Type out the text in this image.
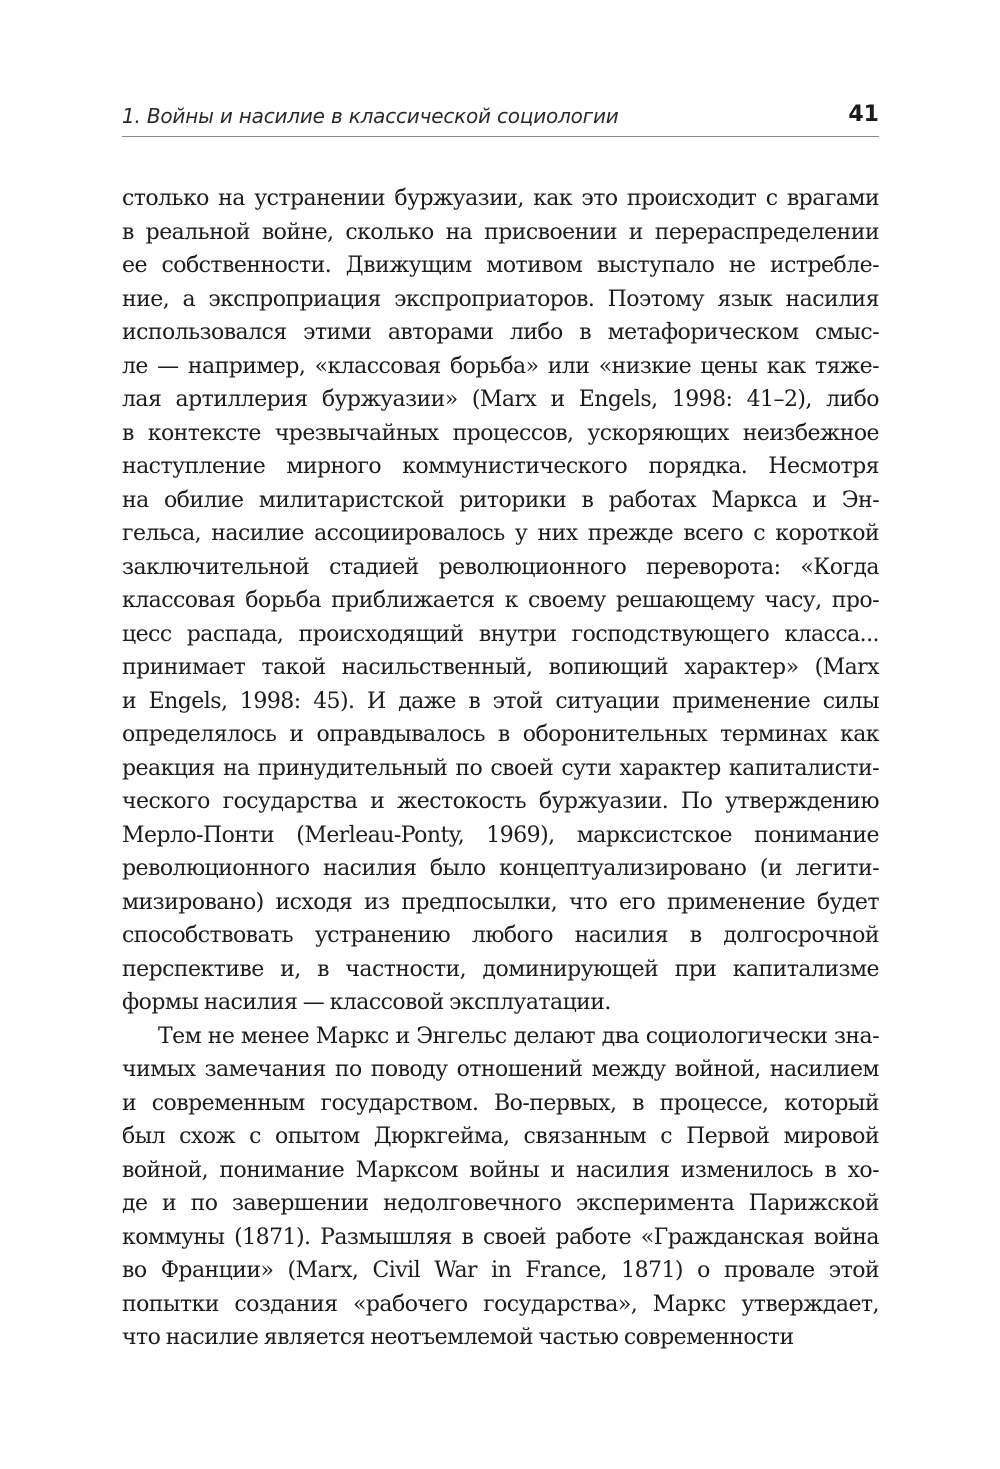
1. Войны и насилие в классической социологии	41
столько на устранении буржуазии, как это происходит с врагами
в реальной войне, сколько на присвоении и перераспределении
ее собственности. Движущим мотивом выступало не истребле-
ние, а экспроприация экспроприаторов. Поэтому язык насилия
использовался этими авторами либо в метафорическом смыс-
ле — например, «классовая борьба» или «низкие цены как тяже-
лая артиллерия буржуазии» (Marx и Engels, 1998: 41–2), либо
в контексте чрезвычайных процессов, ускоряющих неизбежное
наступление мирного коммунистического порядка. Несмотря
на обилие милитаристской риторики в работах Маркса и Эн-
гельса, насилие ассоциировалось у них прежде всего с короткой
заключительной стадией революционного переворота: «Когда
классовая борьба приближается к своему решающему часу, про-
цесс распада, происходящий внутри господствующего класса...
принимает такой насильственный, вопиющий характер» (Marx
и Engels, 1998: 45). И даже в этой ситуации применение силы
определялось и оправдывалось в оборонительных терминах как
реакция на принудительный по своей сути характер капиталисти-
ческого государства и жестокость буржуазии. По утверждению
Мерло-Понти (Merleau-Ponty, 1969), марксистское понимание
революционного насилия было концептуализировано (и легити-
мизировано) исходя из предпосылки, что его применение будет
способствовать устранению любого насилия в долгосрочной
перспективе и, в частности, доминирующей при капитализме
формы насилия — классовой эксплуатации.
Тем не менее Маркс и Энгельс делают два социологически зна-
чимых замечания по поводу отношений между войной, насилием
и современным государством. Во-первых, в процессе, который
был схож с опытом Дюркгейма, связанным с Первой мировой
войной, понимание Марксом войны и насилия изменилось в хо-
де и по завершении недолговечного эксперимента Парижской
коммуны (1871). Размышляя в своей работе «Гражданская война
во Франции» (Marx, Civil War in France, 1871) о провале этой
попытки создания «рабочего государства», Маркс утверждает,
что насилие является неотъемлемой частью современности
